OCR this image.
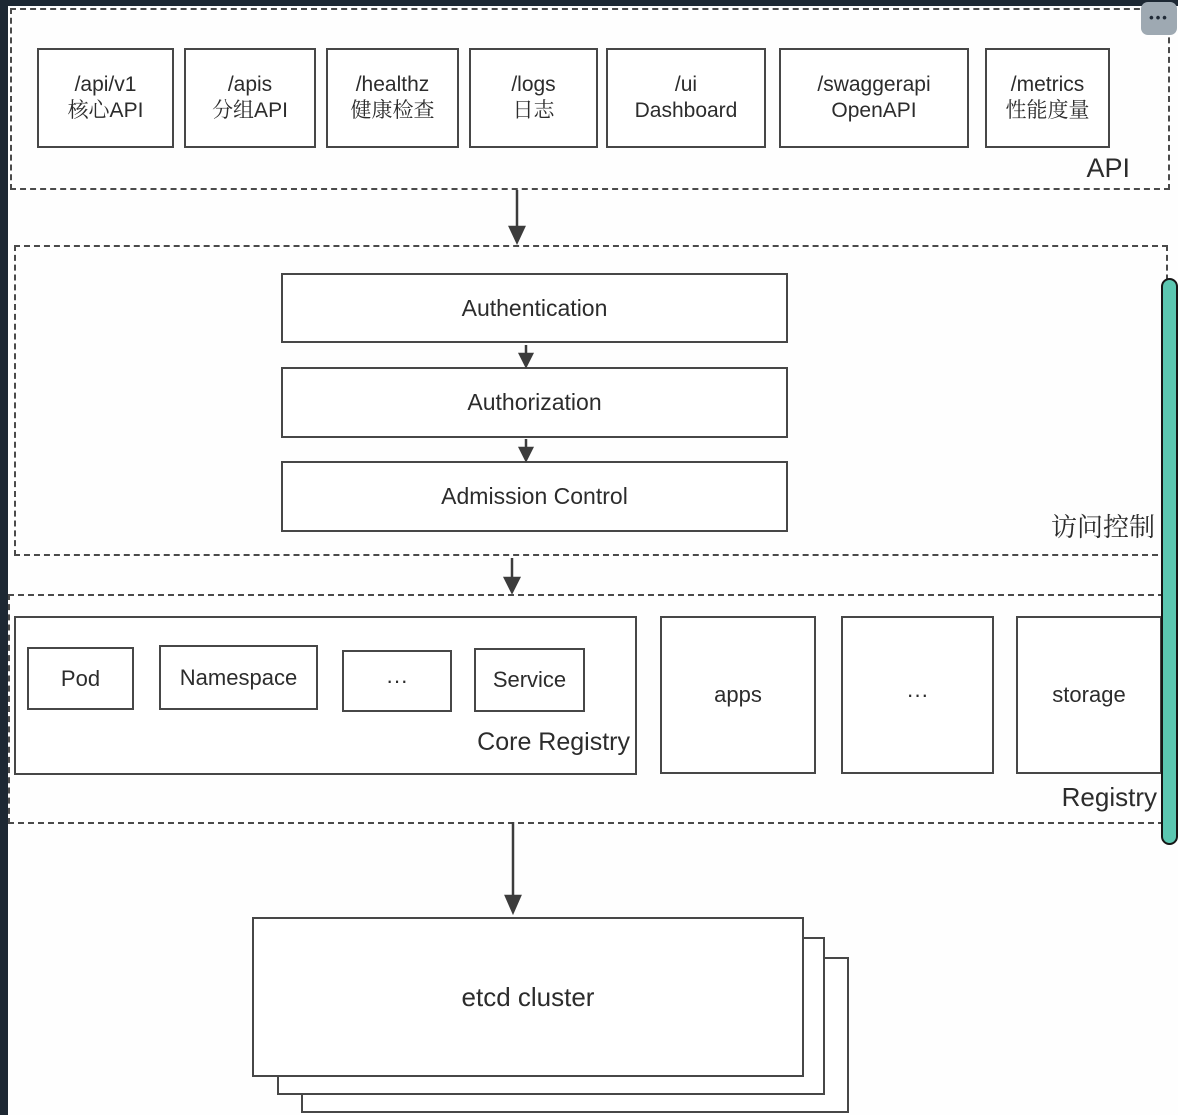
/api/v1
核心API
/apis
分组API
/healthz
健康检查
/logs
日志
/ui
Dashboard
/swaggerapi
OpenAPI
/metrics
性能度量
API
Authentication
Authorization
Admission Control
访问控制
Pod	Namespace	···	Service
Core Registry
apps	···	storage
Registry
etcd cluster
•••
